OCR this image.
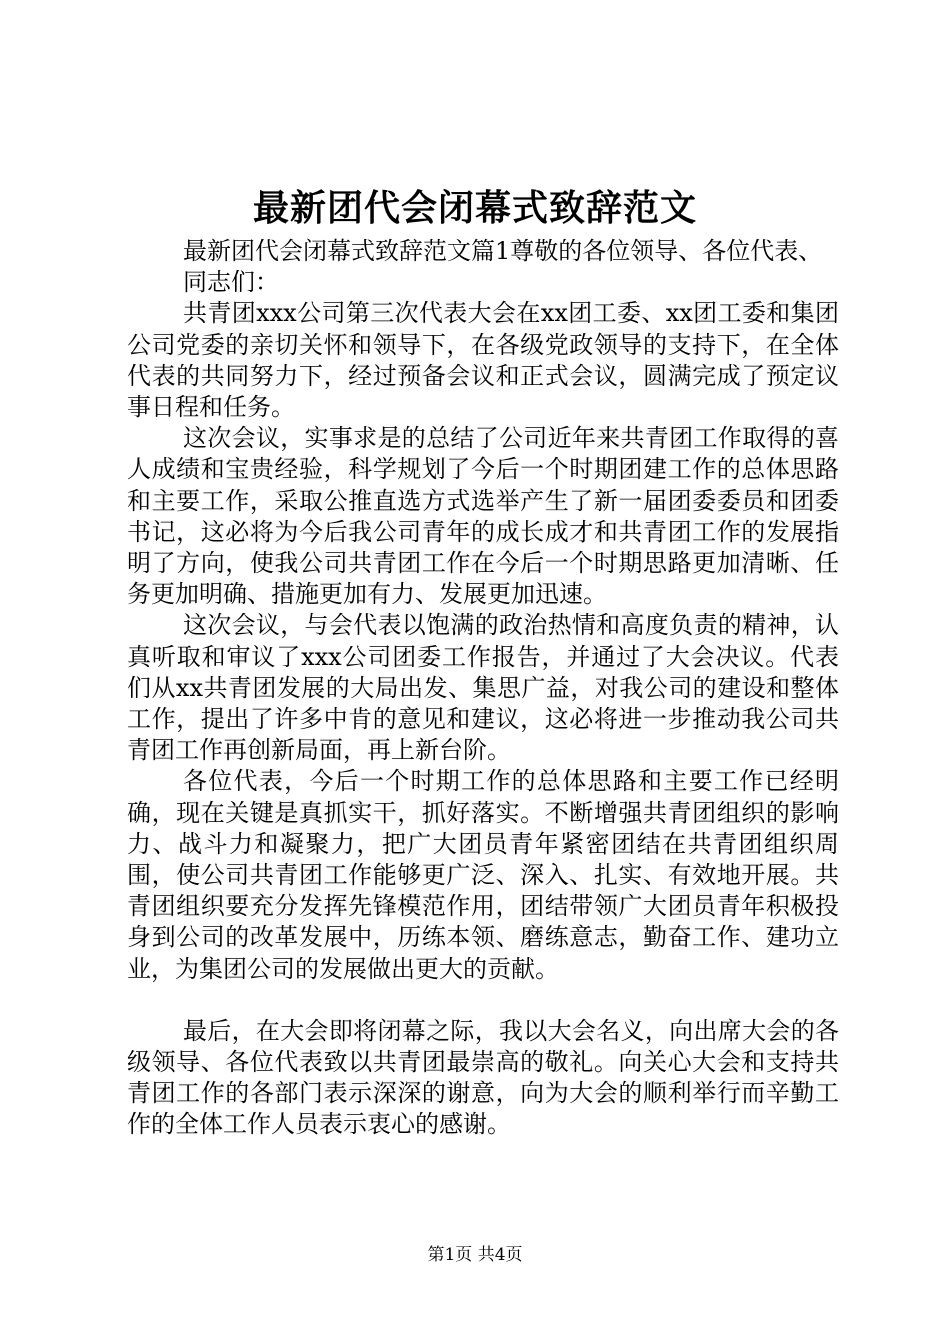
最新团代会闭幕式致辞范文

最新团代会闭幕式致辞范文篇1尊敬的各位领导、各位代表、

同志们：

共青团xxx公司第三次代表大会在xx团工委、xx团工委和集团公司党委的亲切关怀和领导下，在各级党政领导的支持下，在全体代表的共同努力下，经过预备会议和正式会议，圆满完成了预定议事日程和任务。

这次会议，实事求是的总结了公司近年来共青团工作取得的喜人成绩和宝贵经验，科学规划了今后一个时期团建工作的总体思路和主要工作，采取公推直选方式选举产生了新一届团委委员和团委书记，这必将为今后我公司青年的成长成才和共青团工作的发展指明了方向，使我公司共青团工作在今后一个时期思路更加清晰、任务更加明确、措施更加有力、发展更加迅速。

这次会议，与会代表以饱满的政治热情和高度负责的精神，认真听取和审议了xxx公司团委工作报告，并通过了大会决议。代表们从xx共青团发展的大局出发、集思广益，对我公司的建设和整体工作，提出了许多中肯的意见和建议，这必将进一步推动我公司共青团工作再创新局面，再上新台阶。

各位代表，今后一个时期工作的总体思路和主要工作已经明确，现在关键是真抓实干，抓好落实。不断增强共青团组织的影响力、战斗力和凝聚力，把广大团员青年紧密团结在共青团组织周围，使公司共青团工作能够更广泛、深入、扎实、有效地开展。共青团组织要充分发挥先锋模范作用，团结带领广大团员青年积极投身到公司的改革发展中，历练本领、磨练意志，勤奋工作、建功立业，为集团公司的发展做出更大的贡献。

最后，在大会即将闭幕之际，我以大会名义，向出席大会的各级领导、各位代表致以共青团最崇高的敬礼。向关心大会和支持共青团工作的各部门表示深深的谢意，向为大会的顺利举行而辛勤工作的全体工作人员表示衷心的感谢。

第1页 共4页
